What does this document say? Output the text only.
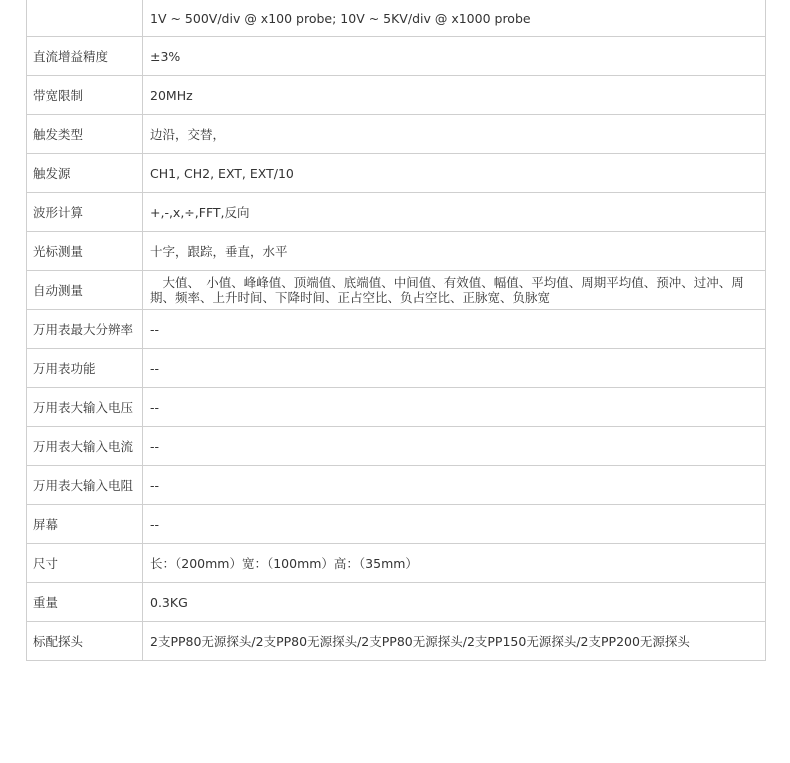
	1V ~ 500V/div @ x100 probe; 10V ~ 5KV/div @ x1000 probe
直流增益精度	±3%
带宽限制	20MHz
触发类型	边沿，交替，
触发源	CH1, CH2, EXT, EXT/10
波形计算	+,-,x,÷,FFT,反向
光标测量	十字，跟踪，垂直，水平
自动测量	　大值、　小值、峰峰值、顶端值、底端值、中间值、有效值、幅值、平均值、周期平均值、预冲、过冲、周期、频率、上升时间、下降时间、正占空比、负占空比、正脉宽、负脉宽
万用表最大分辨率	--
万用表功能	--
万用表大输入电压	--
万用表大输入电流	--
万用表大输入电阻	--
屏幕	--
尺寸	长：（200mm）宽：（100mm）高：（35mm）
重量	0.3KG
标配探头	2支PP80无源探头/2支PP80无源探头/2支PP80无源探头/2支PP150无源探头/2支PP200无源探头
